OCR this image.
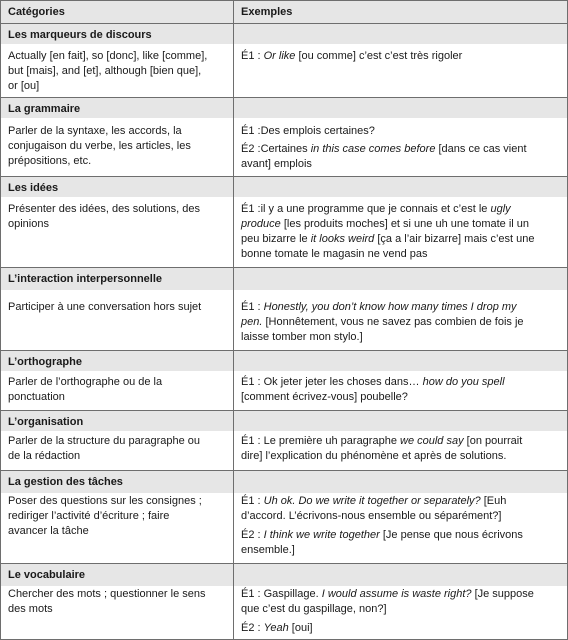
Catégories	Exemples
Les marqueurs de discours
Actually [en fait], so [donc], like [comme],
but [mais], and [et], although [bien que],
or [ou]
É1 : Or like [ou comme] c’est c’est très rigoler
La grammaire
Parler de la syntaxe, les accords, la
conjugaison du verbe, les articles, les
prépositions, etc.
É1 :Des emplois certaines?
É2 :Certaines in this case comes before [dans ce cas vient
avant] emplois
Les idées
Présenter des idées, des solutions, des
opinions
É1 :il y a une programme que je connais et c’est le ugly
produce [les produits moches] et si une uh une tomate il un
peu bizarre le it looks weird [ça a l’air bizarre] mais c’est une
bonne tomate le magasin ne vend pas
L’interaction interpersonnelle
Participer à une conversation hors sujet	É1 : Honestly, you don’t know how many times I drop my
pen. [Honnêtement, vous ne savez pas combien de fois je
laisse tomber mon stylo.]
L’orthographe
Parler de l’orthographe ou de la
ponctuation
É1 : Ok jeter jeter les choses dans… how do you spell
[comment écrivez-vous] poubelle?
L’organisation
Parler de la structure du paragraphe ou
de la rédaction
É1 : Le première uh paragraphe we could say [on pourrait
dire] l’explication du phénomène et après de solutions.
La gestion des tâches
Poser des questions sur les consignes ;
rediriger l’activité d’écriture ; faire
avancer la tâche
É1 : Uh ok. Do we write it together or separately? [Euh
d’accord. L’écrivons-nous ensemble ou séparément?]
É2 : I think we write together [Je pense que nous écrivons
ensemble.]
Le vocabulaire
Chercher des mots ; questionner le sens
des mots
É1 : Gaspillage. I would assume is waste right? [Je suppose
que c’est du gaspillage, non?]
É2 : Yeah [oui]
